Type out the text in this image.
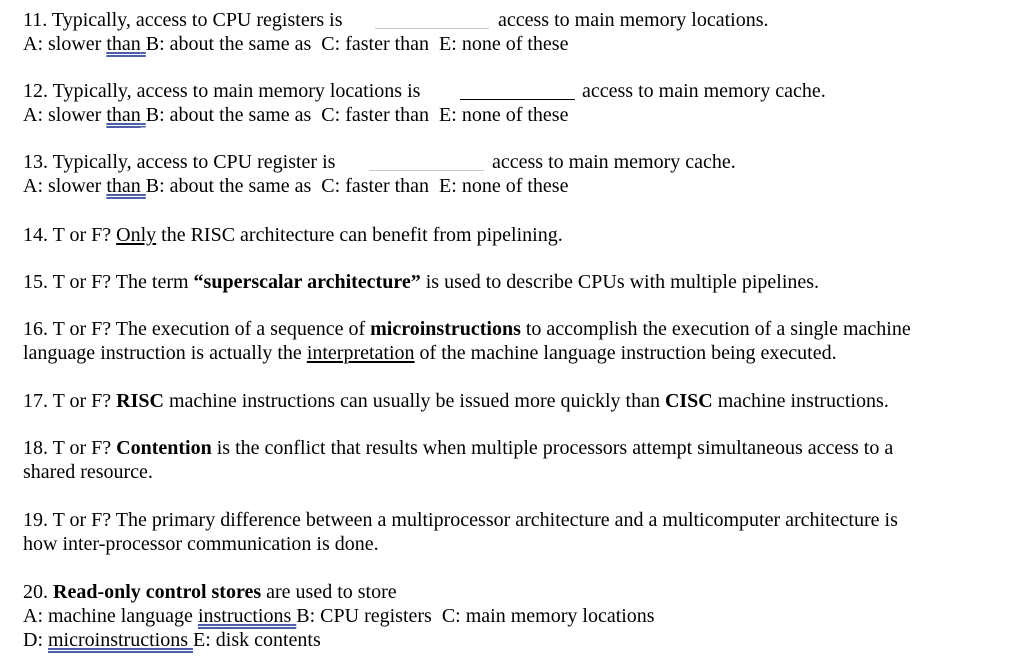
11. Typically, access to CPU registers is	access to main memory locations.
A: slower than B: about the same as C: faster than E: none of these
12. Typically, access to main memory locations is	access to main memory cache.
A: slower than B: about the same as C: faster than E: none of these
13. Typically, access to CPU register is	access to main memory cache.
A: slower than B: about the same as C: faster than E: none of these
14. T or F? Only the RISC architecture can benefit from pipelining.
15. T or F? The term “superscalar architecture” is used to describe CPUs with multiple pipelines.
16. T or F? The execution of a sequence of microinstructions to accomplish the execution of a single machine
language instruction is actually the interpretation of the machine language instruction being executed.
17. T or F? RISC machine instructions can usually be issued more quickly than CISC machine instructions.
18. T or F? Contention is the conflict that results when multiple processors attempt simultaneous access to a
shared resource.
19. T or F? The primary difference between a multiprocessor architecture and a multicomputer architecture is
how inter-processor communication is done.
20. Read-only control stores are used to store
A: machine language instructions B: CPU registers C: main memory locations
D: microinstructions E: disk contents
